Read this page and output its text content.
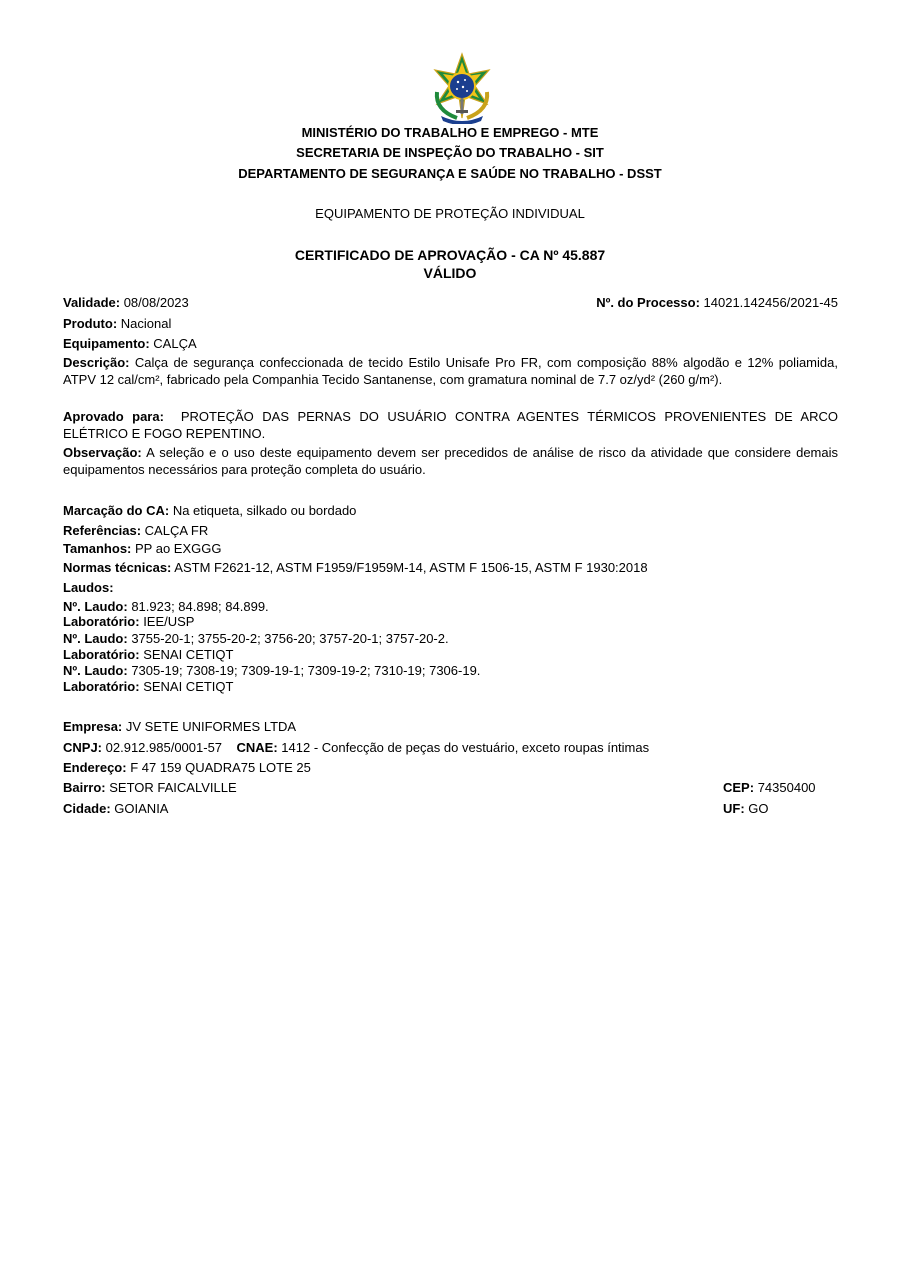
MINISTÉRIO DO TRABALHO E EMPREGO - MTE
SECRETARIA DE INSPEÇÃO DO TRABALHO - SIT
DEPARTAMENTO DE SEGURANÇA E SAÚDE NO TRABALHO - DSST
EQUIPAMENTO DE PROTEÇÃO INDIVIDUAL
CERTIFICADO DE APROVAÇÃO - CA Nº 45.887
VÁLIDO
Validade: 08/08/2023	Nº. do Processo: 14021.142456/2021-45
Produto: Nacional
Equipamento: CALÇA
Descrição: Calça de segurança confeccionada de tecido Estilo Unisafe Pro FR, com composição 88% algodão e 12% poliamida, ATPV 12 cal/cm², fabricado pela Companhia Tecido Santanense, com gramatura nominal de 7.7 oz/yd² (260 g/m²).
Aprovado para: PROTEÇÃO DAS PERNAS DO USUÁRIO CONTRA AGENTES TÉRMICOS PROVENIENTES DE ARCO ELÉTRICO E FOGO REPENTINO.
Observação: A seleção e o uso deste equipamento devem ser precedidos de análise de risco da atividade que considere demais equipamentos necessários para proteção completa do usuário.
Marcação do CA: Na etiqueta, silkado ou bordado
Referências: CALÇA FR
Tamanhos: PP ao EXGGG
Normas técnicas: ASTM F2621-12, ASTM F1959/F1959M-14, ASTM F 1506-15, ASTM F 1930:2018
Laudos:
Nº. Laudo: 81.923; 84.898; 84.899.
Laboratório: IEE/USP
Nº. Laudo: 3755-20-1; 3755-20-2; 3756-20; 3757-20-1; 3757-20-2.
Laboratório: SENAI CETIQT
Nº. Laudo: 7305-19; 7308-19; 7309-19-1; 7309-19-2; 7310-19; 7306-19.
Laboratório: SENAI CETIQT
Empresa: JV SETE UNIFORMES LTDA
CNPJ: 02.912.985/0001-57 CNAE: 1412 - Confecção de peças do vestuário, exceto roupas íntimas
Endereço: F 47 159 QUADRA75 LOTE 25
Bairro: SETOR FAICALVILLE	CEP: 74350400
Cidade: GOIANIA	UF: GO
